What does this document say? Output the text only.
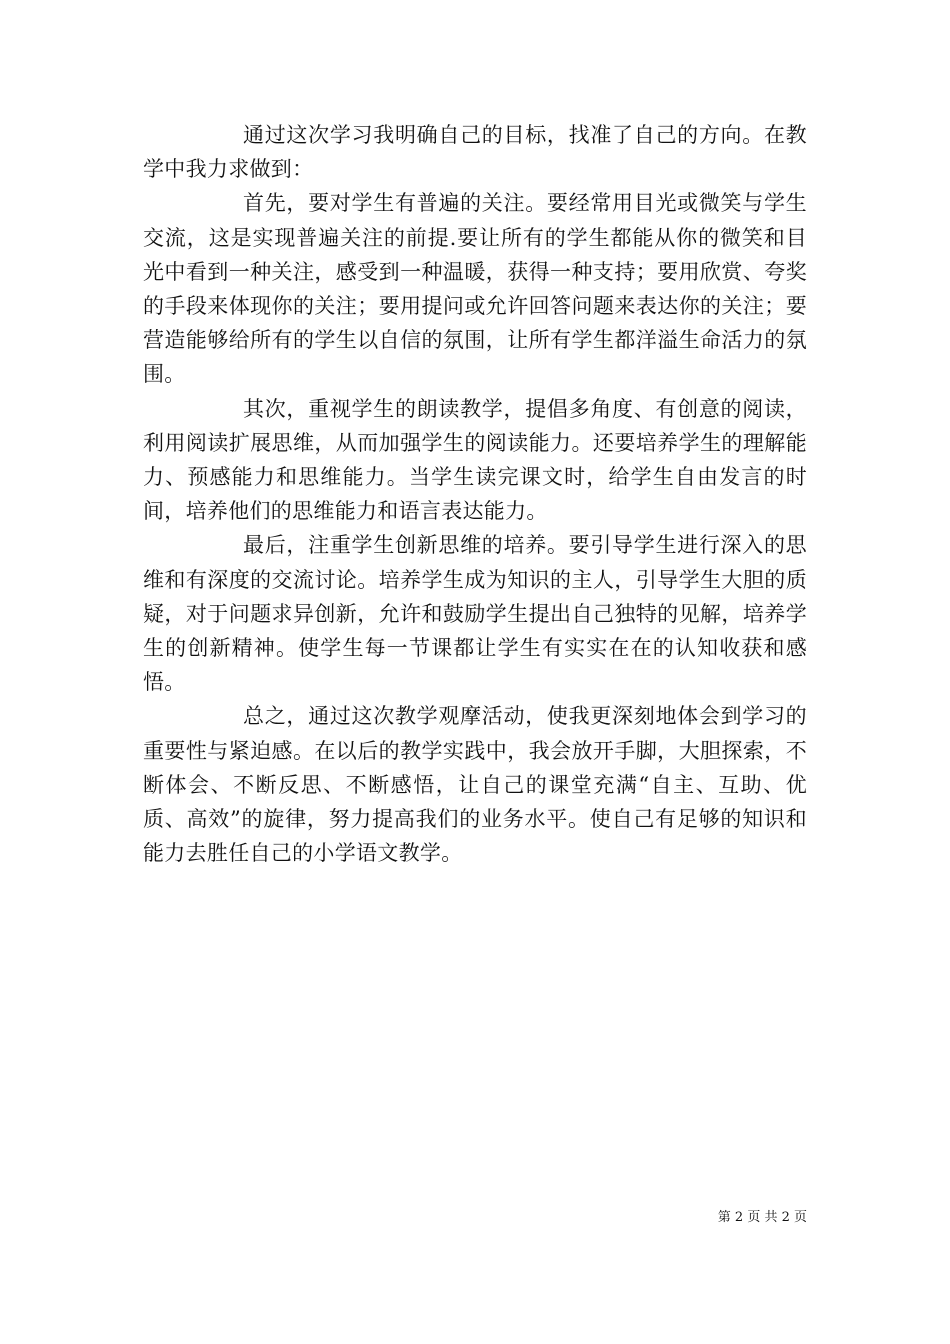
通过这次学习我明确自己的目标，找准了自己的方向。在教学中我力求做到：

首先，要对学生有普遍的关注。要经常用目光或微笑与学生交流，这是实现普遍关注的前提.要让所有的学生都能从你的微笑和目光中看到一种关注，感受到一种温暖，获得一种支持；要用欣赏、夸奖的手段来体现你的关注；要用提问或允许回答问题来表达你的关注；要营造能够给所有的学生以自信的氛围，让所有学生都洋溢生命活力的氛围。

其次，重视学生的朗读教学，提倡多角度、有创意的阅读，利用阅读扩展思维，从而加强学生的阅读能力。还要培养学生的理解能力、预感能力和思维能力。当学生读完课文时，给学生自由发言的时间，培养他们的思维能力和语言表达能力。

最后，注重学生创新思维的培养。要引导学生进行深入的思维和有深度的交流讨论。培养学生成为知识的主人，引导学生大胆的质疑，对于问题求异创新，允许和鼓励学生提出自己独特的见解，培养学生的创新精神。使学生每一节课都让学生有实实在在的认知收获和感悟。

总之，通过这次教学观摩活动，使我更深刻地体会到学习的重要性与紧迫感。在以后的教学实践中，我会放开手脚，大胆探索，不断体会、不断反思、不断感悟，让自己的课堂充满“自主、互助、优质、高效”的旋律，努力提高我们的业务水平。使自己有足够的知识和能力去胜任自己的小学语文教学。

第 2 页 共 2 页
